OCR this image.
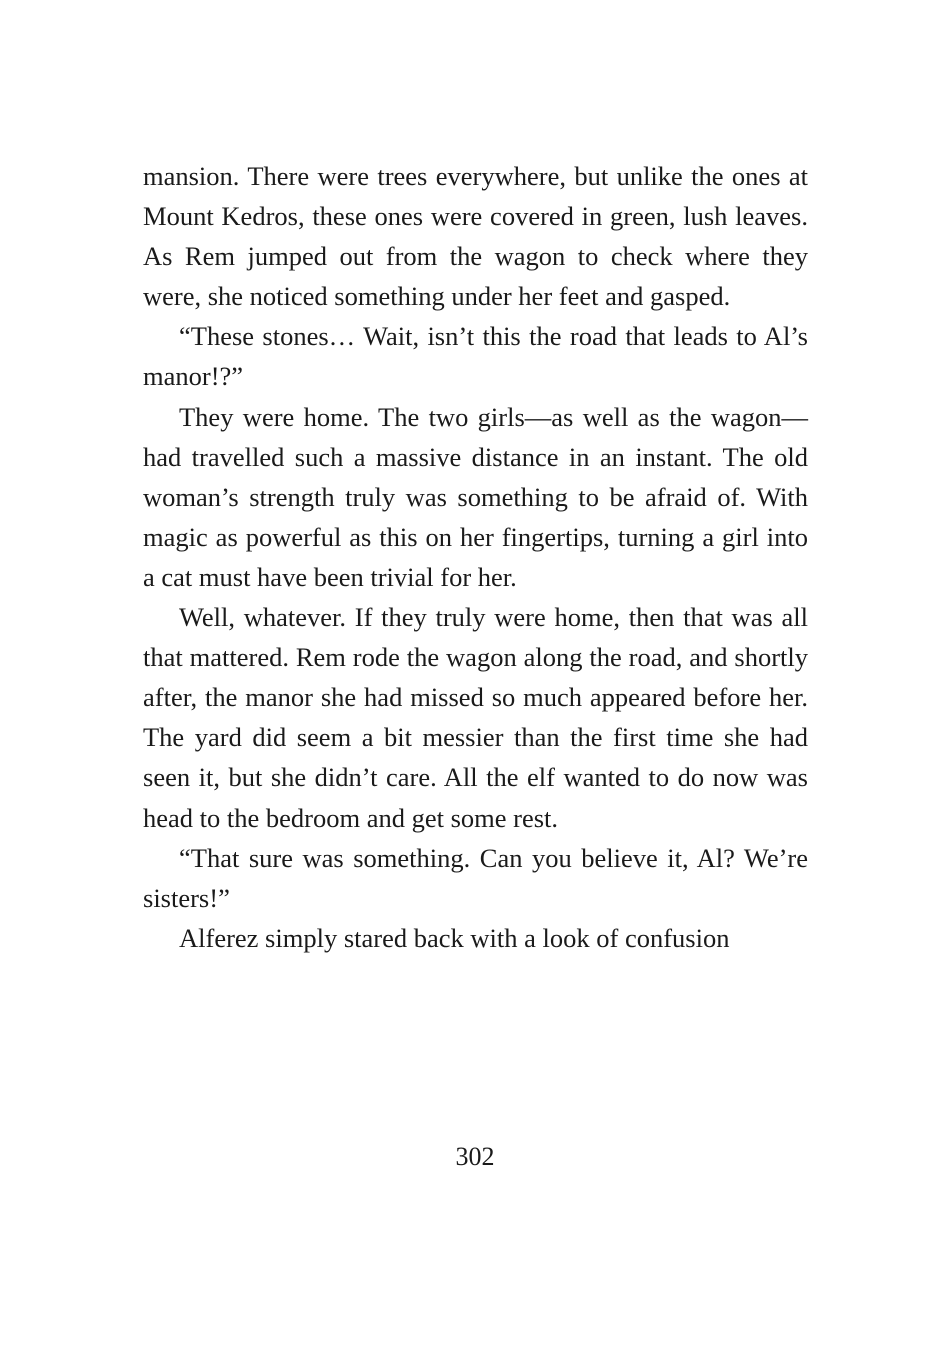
mansion. There were trees everywhere, but unlike the ones at Mount Kedros, these ones were covered in green, lush leaves. As Rem jumped out from the wagon to check where they were, she noticed something under her feet and gasped.

“These stones… Wait, isn’t this the road that leads to Al’s manor!?”

They were home. The two girls—as well as the wagon—had travelled such a massive distance in an instant. The old woman’s strength truly was something to be afraid of. With magic as powerful as this on her fingertips, turning a girl into a cat must have been trivial for her.

Well, whatever. If they truly were home, then that was all that mattered. Rem rode the wagon along the road, and shortly after, the manor she had missed so much appeared before her. The yard did seem a bit messier than the first time she had seen it, but she didn’t care. All the elf wanted to do now was head to the bedroom and get some rest.

“That sure was something. Can you believe it, Al? We’re sisters!”

Alferez simply stared back with a look of confusion

302
